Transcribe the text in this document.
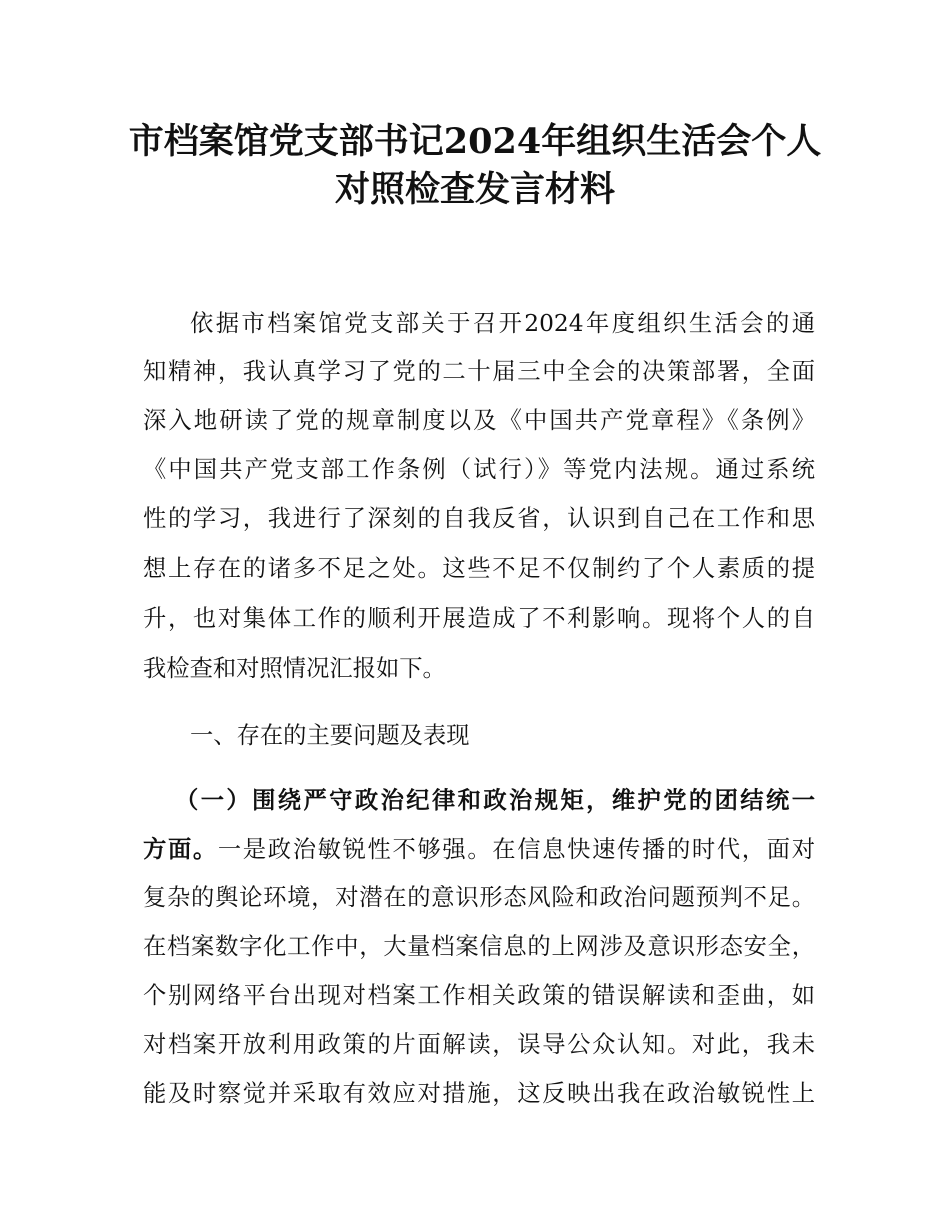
市档案馆党支部书记2024年组织生活会个人
对照检查发言材料
依据市档案馆党支部关于召开2024年度组织生活会的通
知精神，我认真学习了党的二十届三中全会的决策部署，全面
深入地研读了党的规章制度以及《中国共产党章程》《条例》
《中国共产党支部工作条例（试行）》等党内法规。通过系统
性的学习，我进行了深刻的自我反省，认识到自己在工作和思
想上存在的诸多不足之处。这些不足不仅制约了个人素质的提
升，也对集体工作的顺利开展造成了不利影响。现将个人的自
我检查和对照情况汇报如下。
一、存在的主要问题及表现
（一）围绕严守政治纪律和政治规矩，维护党的团结统一
方面。一是政治敏锐性不够强。在信息快速传播的时代，面对
复杂的舆论环境，对潜在的意识形态风险和政治问题预判不足。
在档案数字化工作中，大量档案信息的上网涉及意识形态安全，
个别网络平台出现对档案工作相关政策的错误解读和歪曲，如
对档案开放利用政策的片面解读，误导公众认知。对此，我未
能及时察觉并采取有效应对措施，这反映出我在政治敏锐性上
